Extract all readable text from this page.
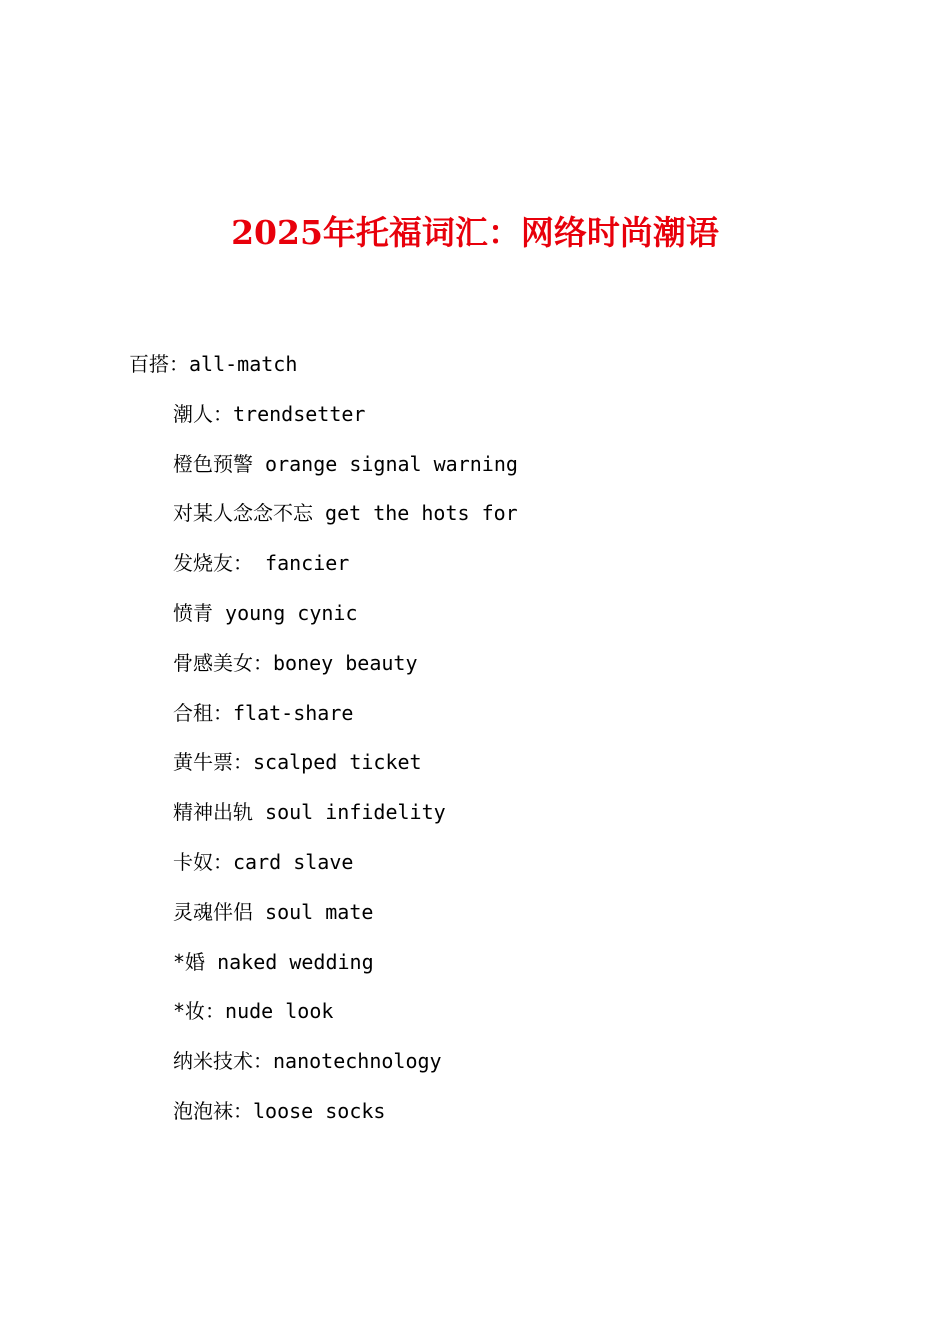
2025年托福词汇：网络时尚潮语
百搭：all-match
潮人：trendsetter
橙色预警 orange signal warning
对某人念念不忘 get the hots for
发烧友： fancier
愤青 young cynic
骨感美女：boney beauty
合租：flat-share
黄牛票：scalped ticket
精神出轨 soul infidelity
卡奴：card slave
灵魂伴侣 soul mate
*婚 naked wedding
*妆：nude look
纳米技术：nanotechnology
泡泡袜：loose socks
